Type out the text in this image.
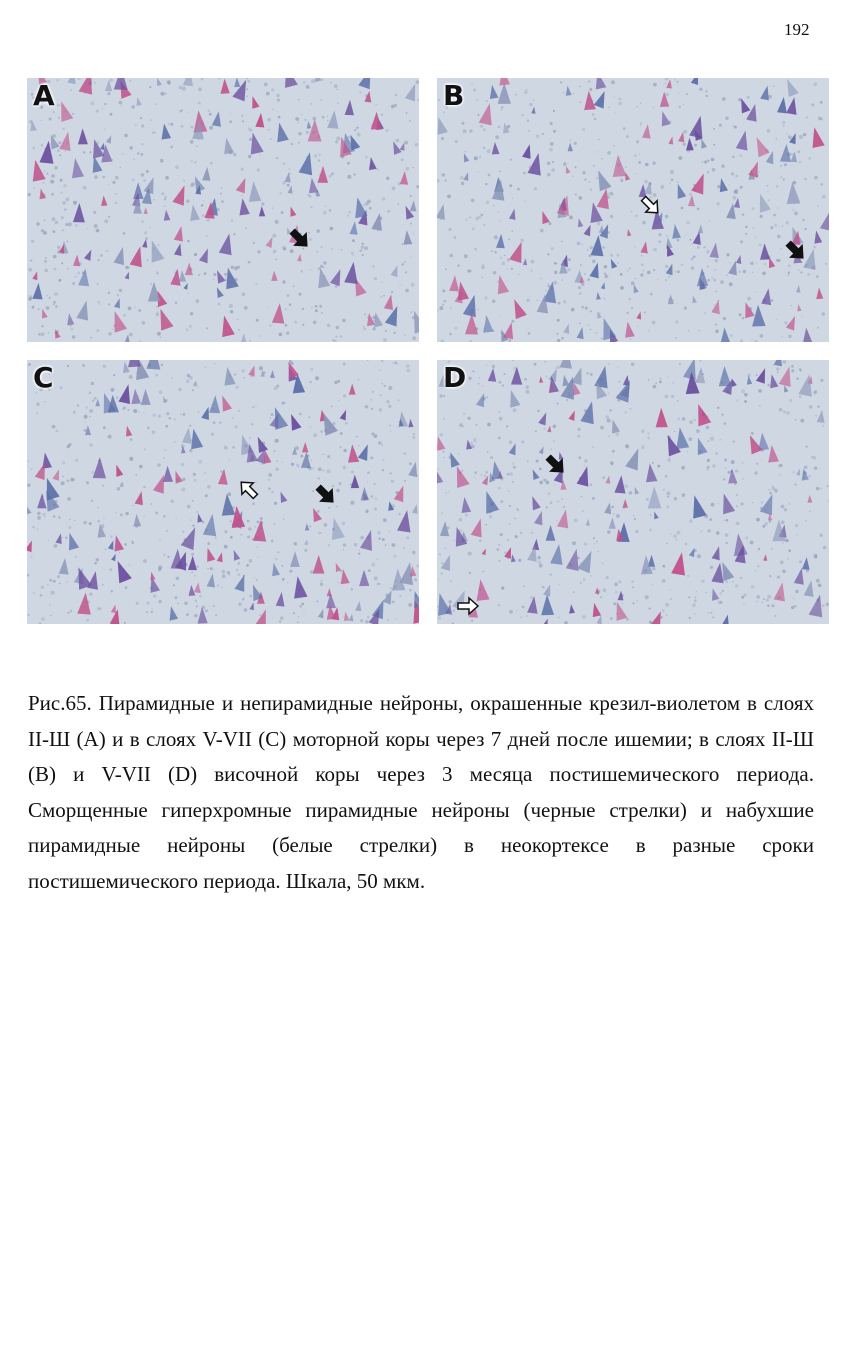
192
A	B
C	D
Рис.65. Пирамидные и непирамидные нейроны, окрашенные крезил-виолетом в слоях II-Ш (А) и в слоях V-VII (С) моторной коры через 7 дней после ишемии; в слоях II-Ш (В) и V-VII (D) височной коры через 3 месяца постишемического периода. Сморщенные гиперхромные пирамидные нейроны (черные стрелки) и набухшие пирамидные нейроны (белые стрелки) в неокортексе в разные сроки постишемического периода. Шкала, 50 мкм.
